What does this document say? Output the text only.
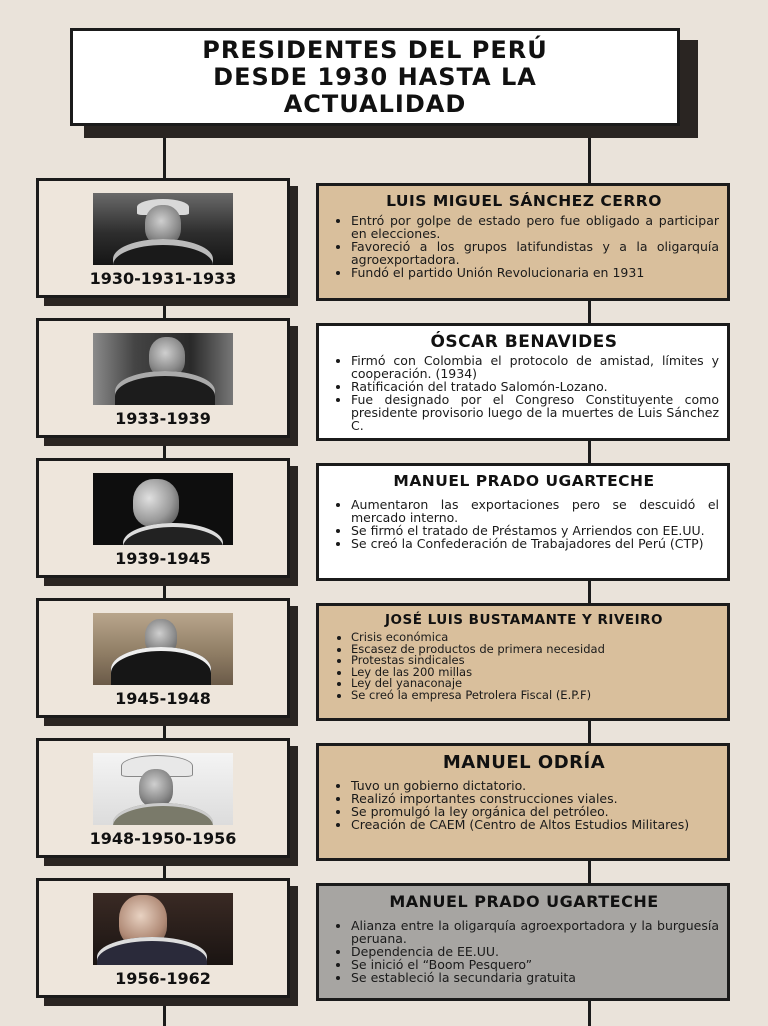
PRESIDENTES DEL PERÚ
DESDE 1930 HASTA LA
ACTUALIDAD
1930-1931-1933
LUIS MIGUEL SÁNCHEZ CERRO
• Entró por golpe de estado pero fue obligado a participar en elecciones.
• Favoreció a los grupos latifundistas y a la oligarquía agroexportadora.
• Fundó el partido Unión Revolucionaria en 1931
1933-1939
ÓSCAR BENAVIDES
• Firmó con Colombia el protocolo de amistad, límites y cooperación. (1934)
• Ratificación del tratado Salomón-Lozano.
• Fue designado por el Congreso Constituyente como presidente provisorio luego de la muertes de Luis Sánchez C.
1939-1945
MANUEL PRADO UGARTECHE
• Aumentaron las exportaciones pero se descuidó el mercado interno.
• Se firmó el tratado de Préstamos y Arriendos con EE.UU.
• Se creó la Confederación de Trabajadores del Perú (CTP)
1945-1948
JOSÉ LUIS BUSTAMANTE Y RIVEIRO
• Crisis económica
• Escasez de productos de primera necesidad
• Protestas sindicales
• Ley de las 200 millas
• Ley del yanaconaje
• Se creó la empresa Petrolera Fiscal (E.P.F)
1948-1950-1956
MANUEL ODRÍA
• Tuvo un gobierno dictatorio.
• Realizó importantes construcciones viales.
• Se promulgó la ley orgánica del petróleo.
• Creación de CAEM (Centro de Altos Estudios Militares)
1956-1962
MANUEL PRADO UGARTECHE
• Alianza entre la oligarquía agroexportadora y la burguesía peruana.
• Dependencia de EE.UU.
• Se inició el “Boom Pesquero”
• Se estableció la secundaria gratuita
